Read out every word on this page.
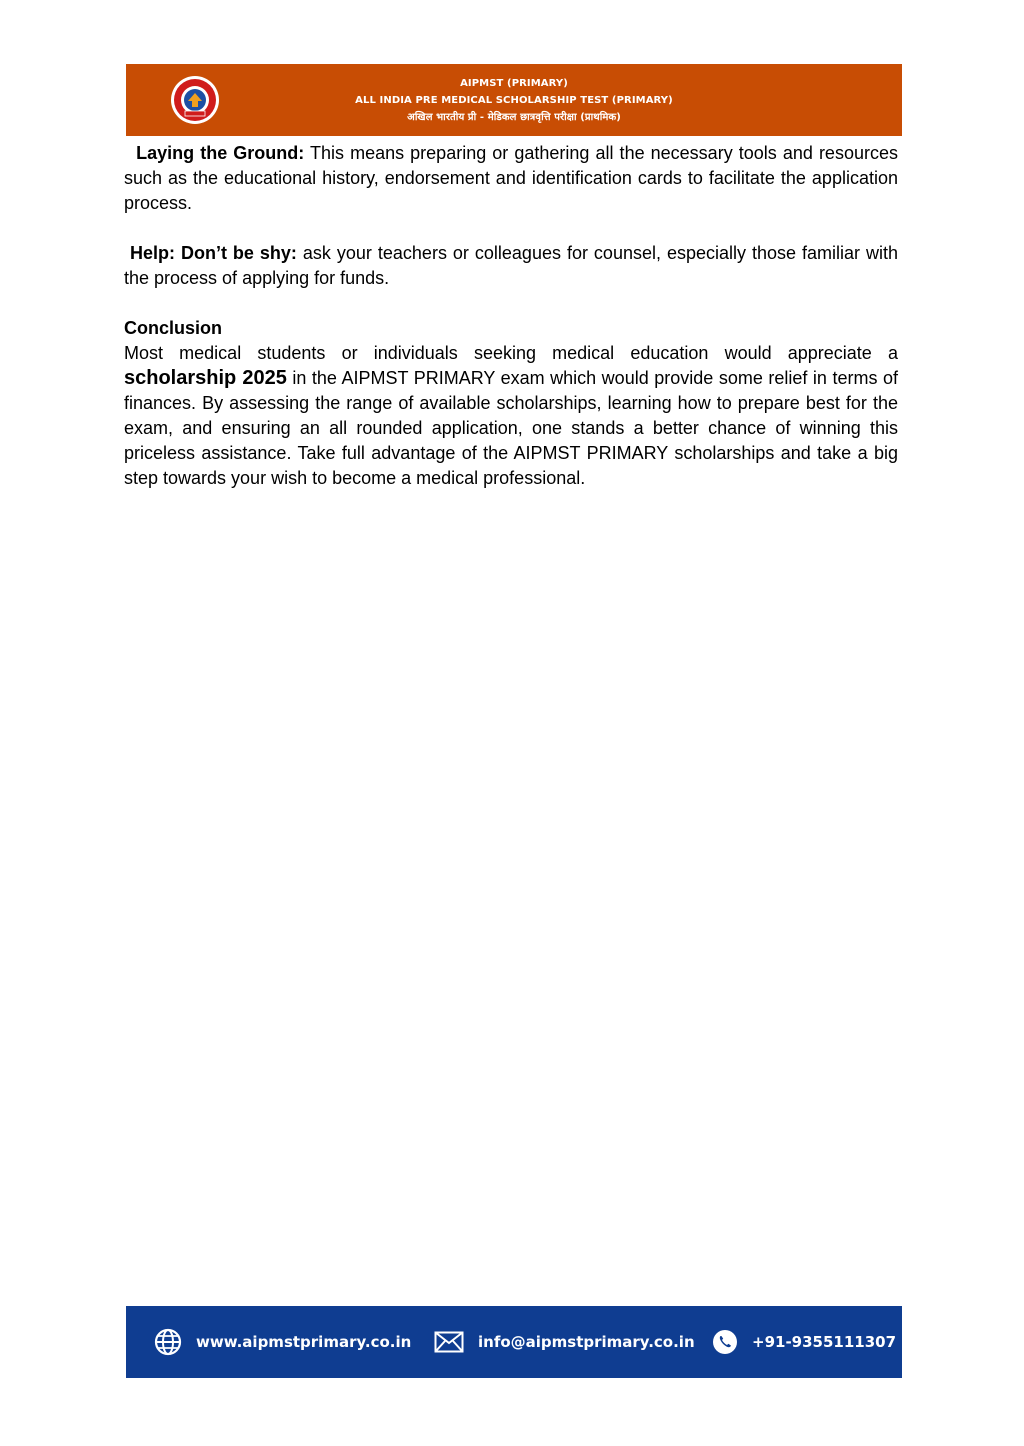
AIPMST (PRIMARY)
ALL INDIA PRE MEDICAL SCHOLARSHIP TEST (PRIMARY)
अखिल भारतीय प्री - मेडिकल छात्रवृत्ति परीक्षा (प्राथमिक)

Laying the Ground: This means preparing or gathering all the necessary tools and resources such as the educational history, endorsement and identification cards to facilitate the application process.

Help: Don’t be shy: ask your teachers or colleagues for counsel, especially those familiar with the process of applying for funds.

Conclusion

Most medical students or individuals seeking medical education would appreciate a scholarship 2025 in the AIPMST PRIMARY exam which would provide some relief in terms of finances. By assessing the range of available scholarships, learning how to prepare best for the exam, and ensuring an all rounded application, one stands a better chance of winning this priceless assistance. Take full advantage of the AIPMST PRIMARY scholarships and take a big step towards your wish to become a medical professional.

www.aipmstprimary.co.in	info@aipmstprimary.co.in	+91-9355111307
